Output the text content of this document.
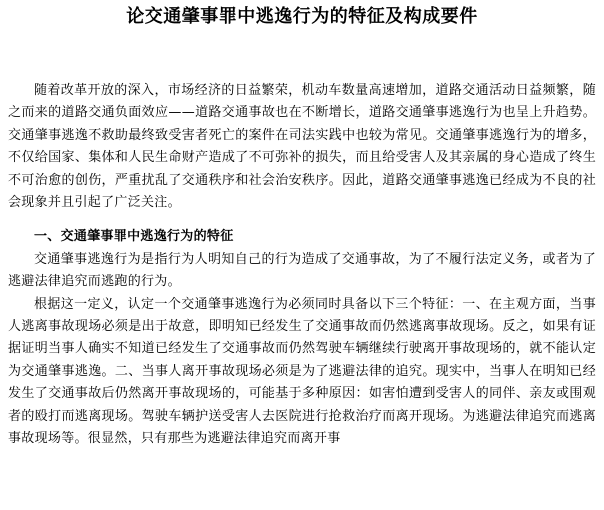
论交通肇事罪中逃逸行为的特征及构成要件

随着改革开放的深入，市场经济的日益繁荣，机动车数量高速增加，道路交通活动日益频繁，随之而来的道路交通负面效应——道路交通事故也在不断增长，道路交通肇事逃逸行为也呈上升趋势。交通肇事逃逸不救助最终致受害者死亡的案件在司法实践中也较为常见。交通肇事逃逸行为的增多，不仅给国家、集体和人民生命财产造成了不可弥补的损失，而且给受害人及其亲属的身心造成了终生不可治愈的创伤，严重扰乱了交通秩序和社会治安秩序。因此，道路交通肇事逃逸已经成为不良的社会现象并且引起了广泛关注。

一、交通肇事罪中逃逸行为的特征

交通肇事逃逸行为是指行为人明知自己的行为造成了交通事故，为了不履行法定义务，或者为了逃避法律追究而逃跑的行为。

根据这一定义，认定一个交通肇事逃逸行为必须同时具备以下三个特征：一、在主观方面，当事人逃离事故现场必须是出于故意，即明知已经发生了交通事故而仍然逃离事故现场。反之，如果有证据证明当事人确实不知道已经发生了交通事故而仍然驾驶车辆继续行驶离开事故现场的，就不能认定为交通肇事逃逸。二、当事人离开事故现场必须是为了逃避法律的追究。现实中，当事人在明知已经发生了交通事故后仍然离开事故现场的，可能基于多种原因：如害怕遭到受害人的同伴、亲友或围观者的殴打而逃离现场。驾驶车辆护送受害人去医院进行抢救治疗而离开现场。为逃避法律追究而逃离事故现场等。很显然，只有那些为逃避法律追究而离开事
